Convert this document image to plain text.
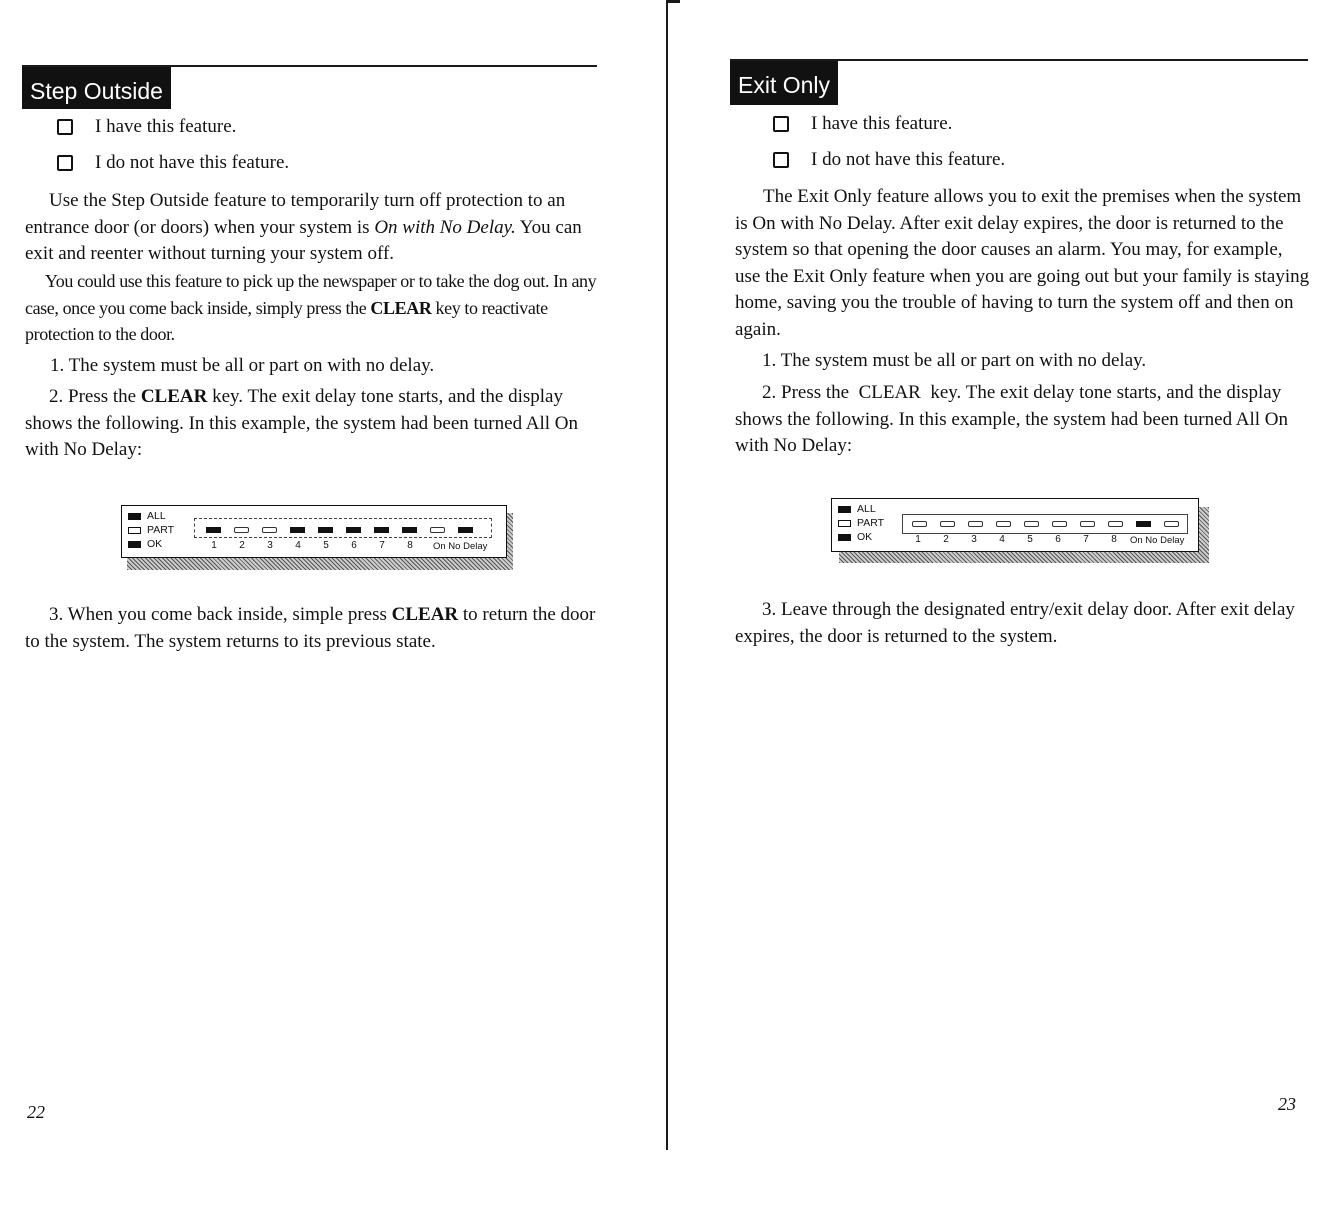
Step Outside
I have this feature.
I do not have this feature.
Use the Step Outside feature to temporarily turn off protection to an entrance door (or doors) when your system is On with No Delay. You can exit and reenter without turning your system off.
You could use this feature to pick up the newspaper or to take the dog out. In any case, once you come back inside, simply press the CLEAR key to reactivate protection to the door.
1. The system must be all or part on with no delay.
2. Press the CLEAR key. The exit delay tone starts, and the display shows the following. In this example, the system had been turned All On with No Delay:
ALL
PART
OK	1	2	3	4	5	6	7	8	On No Delay
3. When you come back inside, simple press CLEAR to return the door to the system. The system returns to its previous state.
22
Exit Only
I have this feature.
I do not have this feature.
The Exit Only feature allows you to exit the premises when the system is On with No Delay. After exit delay expires, the door is returned to the system so that opening the door causes an alarm. You may, for example, use the Exit Only feature when you are going out but your family is staying home, saving you the trouble of having to turn the system off and then on again.
1. The system must be all or part on with no delay.
2. Press the  CLEAR  key. The exit delay tone starts, and the display shows the following. In this example, the system had been turned All On with No Delay:
ALL
PART
OK	1	2	3	4	5	6	7	8	On No Delay
3. Leave through the designated entry/exit delay door. After exit delay expires, the door is returned to the system.
23
